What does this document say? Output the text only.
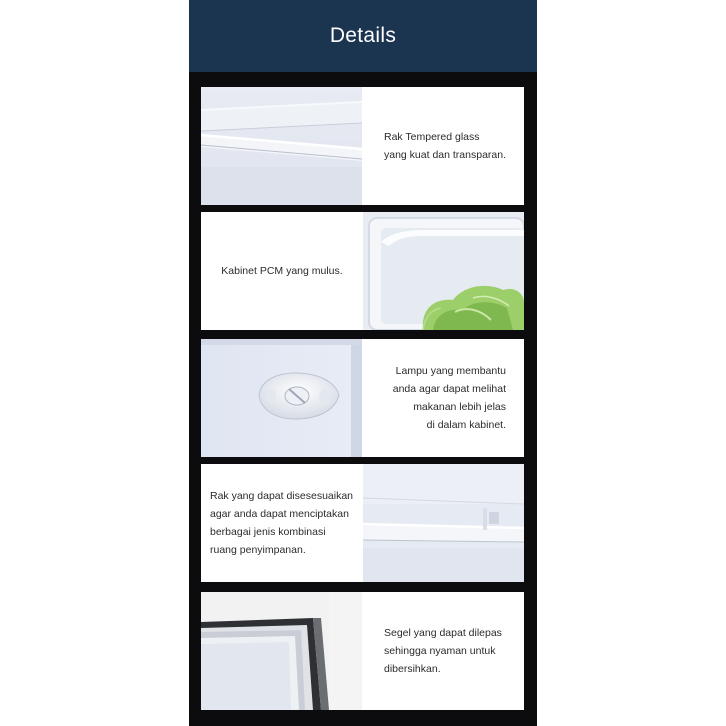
Details
Rak Tempered glass
yang kuat dan transparan.
Kabinet PCM yang mulus.
Lampu yang membantu
anda agar dapat melihat
makanan lebih jelas
di dalam kabinet.
Rak yang dapat disesesuaikan
agar anda dapat menciptakan
berbagai jenis kombinasi
ruang penyimpanan.
Segel yang dapat dilepas
sehingga nyaman untuk
dibersihkan.
